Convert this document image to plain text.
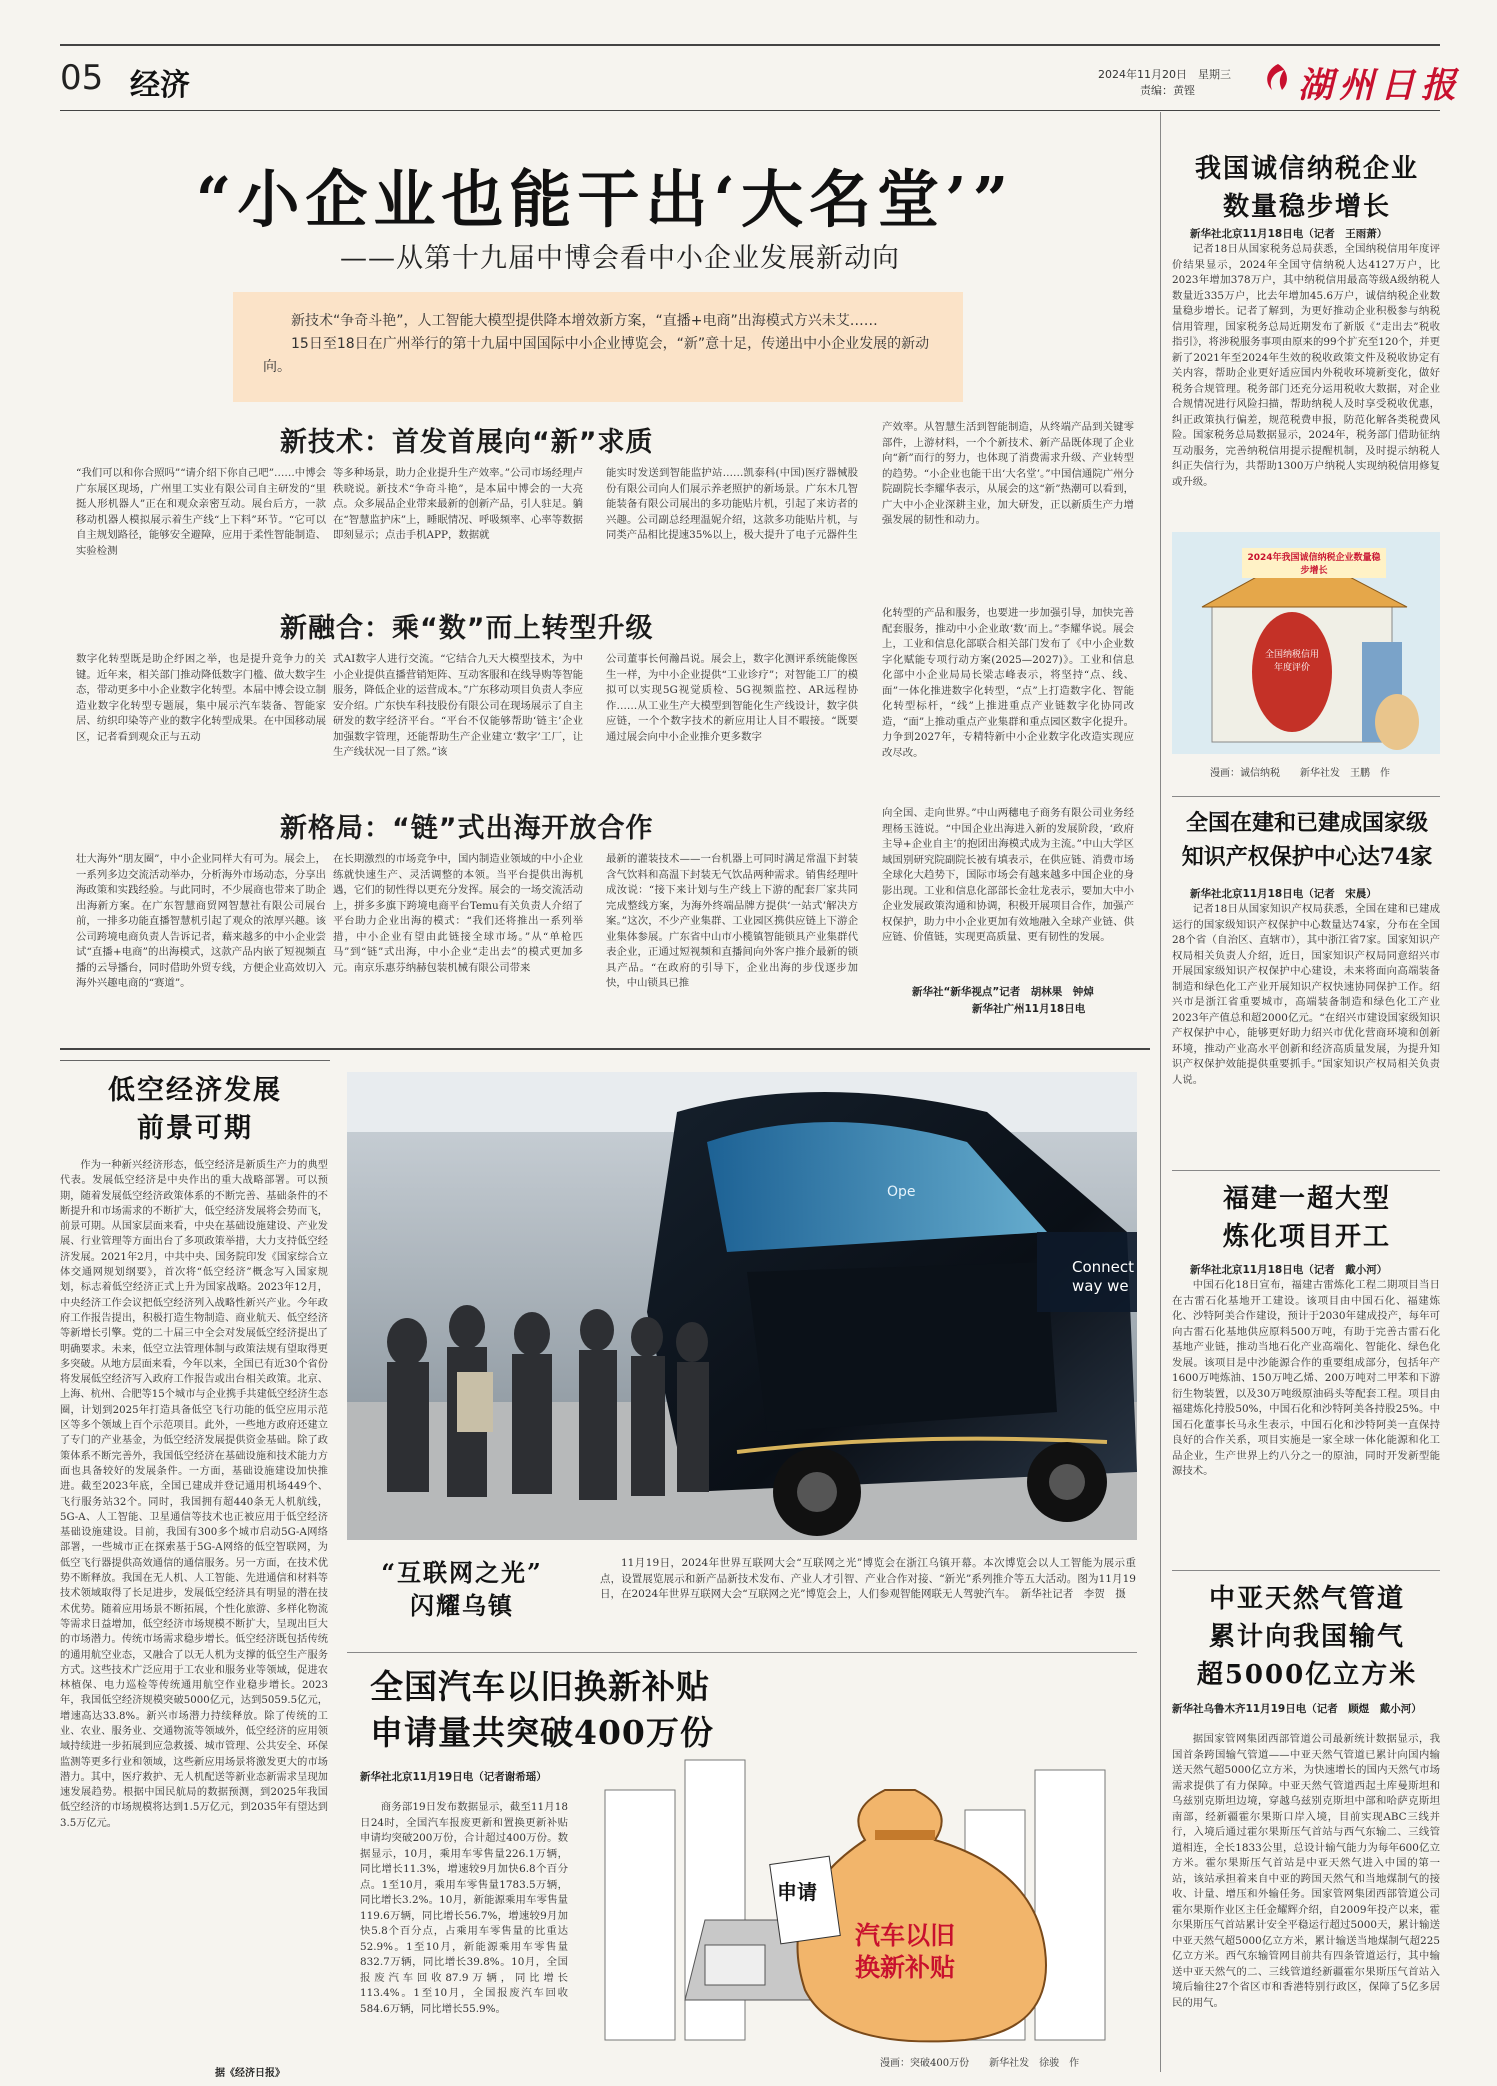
05 经济	2024年11月20日　星期三
责编：黄铿	湖州日报
“小企业也能干出‘大名堂’”
——从第十九届中博会看中小企业发展新动向
新技术“争奇斗艳”，人工智能大模型提供降本增效新方案，“直播+电商”出海模式方兴未艾……
15日至18日在广州举行的第十九届中国国际中小企业博览会，“新”意十足，传递出中小企业发展的新动向。
新技术：首发首展向“新”求质
“我们可以和你合照吗”“请介绍下你自己吧”……中博会广东展区现场，广州里工实业有限公司自主研发的“里挺人形机器人”正在和观众亲密互动。展台后方，一款移动机器人模拟展示着生产线“上下料”环节。“它可以自主规划路径，能够安全避障，应用于柔性智能制造、实验检测
等多种场景，助力企业提升生产效率。”公司市场经理卢秩晓说。新技术“争奇斗艳”，是本届中博会的一大亮点。众多展品企业带来最新的创新产品，引人驻足。躺在“智慧监护床”上，睡眠情况、呼吸频率、心率等数据即刻显示；点击手机APP，数据就
能实时发送到智能监护站……凯泰科(中国)医疗器械股份有限公司向人们展示养老照护的新场景。广东木几智能装备有限公司展出的多功能贴片机，引起了来访者的兴趣。公司副总经理温妮介绍，这款多功能贴片机，与同类产品相比提速35%以上，极大提升了电子元器件生
产效率。从智慧生活到智能制造，从终端产品到关键零部件，上游材料，一个个新技术、新产品既体现了企业向“新”而行的努力，也体现了消费需求升级、产业转型的趋势。“小企业也能干出‘大名堂’。”中国信通院广州分院副院长李耀华表示，从展会的这“新”热潮可以看到，广大中小企业深耕主业，加大研发，正以新质生产力增强发展的韧性和动力。
新融合：乘“数”而上转型升级
数字化转型既是助企纾困之举，也是提升竞争力的关键。近年来，相关部门推动降低数字门槛、做大数字生态，带动更多中小企业数字化转型。本届中博会设立制造业数字化转型专题展，集中展示汽车装备、智能家居、纺织印染等产业的数字化转型成果。在中国移动展区，记者看到观众正与五动
式AI数字人进行交流。“它结合九天大模型技术，为中小企业提供直播营销矩阵、互动客服和在线导购等智能服务，降低企业的运营成本。”广东移动项目负责人李应安介绍。广东快车科技股份有限公司在现场展示了自主研发的数字经济平台。“平台不仅能够帮助‘链主’企业加强数字管理，还能帮助生产企业建立‘数字’工厂，让生产线状况一目了然。”该
公司董事长何瀚昌说。展会上，数字化测评系统能像医生一样，为中小企业提供“工业诊疗”；对智能工厂的模拟可以实现5G视觉质检、5G视频监控、AR远程协作……从工业生产大模型到智能化生产线设计，数字供应链，一个个数字技术的新应用让人目不暇接。“既要通过展会向中小企业推介更多数字
化转型的产品和服务，也要进一步加强引导，加快完善配套服务，推动中小企业敢‘数’而上。”李耀华说。展会上，工业和信息化部联合相关部门发布了《中小企业数字化赋能专项行动方案(2025—2027)》。工业和信息化部中小企业局局长梁志峰表示，将坚持“点、线、面”一体化推进数字化转型，“点”上打造数字化、智能化转型标杆，“线”上推进重点产业链数字化协同改造，“面”上推动重点产业集群和重点园区数字化提升。力争到2027年，专精特新中小企业数字化改造实现应改尽改。
新格局：“链”式出海开放合作
壮大海外“朋友圈”，中小企业同样大有可为。展会上，一系列多边交流活动举办，分析海外市场动态，分享出海政策和实践经验。与此同时，不少展商也带来了助企出海新方案。在广东智慧商贸网智慧社有限公司展台前，一排多功能直播智慧机引起了观众的浓厚兴趣。该公司跨境电商负责人告诉记者，藉来越多的中小企业尝试“直播+电商”的出海模式，这款产品内嵌了短视频直播的云导播台，同时借助外贸专线，方便企业高效切入海外兴趣电商的“赛道”。
在长期激烈的市场竞争中，国内制造业领域的中小企业练就快速生产、灵活调整的本领。当平台提供出海机遇，它们的韧性得以更充分发挥。展会的一场交流活动上，拼多多旗下跨境电商平台Temu有关负责人介绍了平台助力企业出海的模式：“我们还将推出一系列举措，中小企业有望由此链接全球市场。”从“单枪匹马”到“链”式出海，中小企业“走出去”的模式更加多元。南京乐惠芬纳赫包装机械有限公司带来
最新的灌装技术——一台机器上可同时满足常温下封装含气饮料和高温下封装无气饮品两种需求。销售经理叶成汝说：“接下来计划与生产线上下游的配套厂家共同完成整线方案，为海外终端品牌方提供‘一站式’解决方案。”这次，不少产业集群、工业园区携供应链上下游企业集体参展。广东省中山市小榄镇智能锁具产业集群代表企业，正通过短视频和直播间向外客户推介最新的锁具产品。“在政府的引导下，企业出海的步伐逐步加快，中山锁具已推
向全国、走向世界。”中山两穗电子商务有限公司业务经理杨玉涟说。“中国企业出海进入新的发展阶段，‘政府主导+企业自主’的抱团出海模式成为主流。”中山大学区域国别研究院副院长被有填表示，在供应链、消费市场全球化大趋势下，国际市场会有越来越多中国企业的身影出现。工业和信息化部部长金壮龙表示，要加大中小企业发展政策沟通和协调，积极开展项目合作，加强产权保护，助力中小企业更加有效地融入全球产业链、供应链、价值链，实现更高质量、更有韧性的发展。
新华社“新华视点”记者　胡林果　钟焯
新华社广州11月18日电
低空经济发展
前景可期
作为一种新兴经济形态，低空经济是新质生产力的典型代表。发展低空经济是中央作出的重大战略部署。可以预期，随着发展低空经济政策体系的不断完善、基础条件的不断提升和市场需求的不断扩大，低空经济发展将会势而飞，前景可期。从国家层面来看，中央在基础设施建设、产业发展、行业管理等方面出台了多项政策举措，大力支持低空经济发展。2021年2月，中共中央、国务院印发《国家综合立体交通网规划纲要》，首次将“低空经济”概念写入国家规划，标志着低空经济正式上升为国家战略。2023年12月，中央经济工作会议把低空经济列入战略性新兴产业。今年政府工作报告提出，积极打造生物制造、商业航天、低空经济等新增长引擎。党的二十届三中全会对发展低空经济提出了明确要求。未来，低空立法管理体制与政策法规有望取得更多突破。从地方层面来看，今年以来，全国已有近30个省份将发展低空经济写入政府工作报告或出台相关政策。北京、上海、杭州、合肥等15个城市与企业携手共建低空经济生态圈，计划到2025年打造具备低空飞行功能的低空应用示范区等多个领域上百个示范项目。此外，一些地方政府还建立了专门的产业基金，为低空经济发展提供资金基础。除了政策体系不断完善外，我国低空经济在基础设施和技术能力方面也具备较好的发展条件。一方面，基础设施建设加快推进。截至2023年底，全国已建成并登记通用机场449个、飞行服务站32个。同时，我国拥有超440条无人机航线，5G-A、人工智能、卫星通信等技术也正被应用于低空经济基础设施建设。目前，我国有300多个城市启动5G-A网络部署，一些城市正在探索基于5G-A网络的低空智联网，为低空飞行器提供高效通信的通信服务。另一方面，在技术优势不断释放。我国在无人机、人工智能、先进通信和材料等技术领域取得了长足进步，发展低空经济具有明显的潜在技术优势。随着应用场景不断拓展，个性化旅游、多样化物流等需求日益增加，低空经济市场规模不断扩大，呈现出巨大的市场潜力。传统市场需求稳步增长。低空经济既包括传统的通用航空业态，又融合了以无人机为支撑的低空生产服务方式。这些技术广泛应用于工农业和服务业等领域，促进农林植保、电力巡检等传统通用航空作业稳步增长。2023年，我国低空经济规模突破5000亿元，达到5059.5亿元，增速高达33.8%。新兴市场潜力持续释放。除了传统的工业、农业、服务业、交通物流等领域外，低空经济的应用领域持续进一步拓展到应急救援、城市管理、公共安全、环保监测等更多行业和领域，这些新应用场景将激发更大的市场潜力。其中，医疗救护、无人机配送等新业态新需求呈现加速发展趋势。根据中国民航局的数据预测，到2025年我国低空经济的市场规模将达到1.5万亿元，到2035年有望达到3.5万亿元。
据《经济日报》
Connect
way we
Ope
“互联网之光”
闪耀乌镇
11月19日，2024年世界互联网大会“互联网之光”博览会在浙江乌镇开幕。本次博览会以人工智能为展示重点，设置展览展示和新产品新技术发布、产业人才引智、产业合作对接、“新光”系列推介等五大活动。图为11月19日，在2024年世界互联网大会“互联网之光”博览会上，人们参观智能网联无人驾驶汽车。　新华社记者　李贺　摄
全国汽车以旧换新补贴
申请量共突破400万份
新华社北京11月19日电（记者谢希瑶）
商务部19日发布数据显示，截至11月18日24时，全国汽车报废更新和置换更新补贴申请均突破200万份，合计超过400万份。数据显示，10月，乘用车零售量226.1万辆，同比增长11.3%，增速较9月加快6.8个百分点。1至10月，乘用车零售量1783.5万辆，同比增长3.2%。10月，新能源乘用车零售量119.6万辆，同比增长56.7%，增速较9月加快5.8个百分点，占乘用车零售量的比重达52.9%。1至10月，新能源乘用车零售量832.7万辆，同比增长39.8%。10月，全国报废汽车回收87.9万辆，同比增长113.4%。1至10月，全国报废汽车回收584.6万辆，同比增长55.9%。
申请
汽车以旧
换新补贴
漫画：突破400万份　　新华社发　徐骏　作
我国诚信纳税企业
数量稳步增长
新华社北京11月18日电（记者　王雨萧）
记者18日从国家税务总局获悉，全国纳税信用年度评价结果显示，2024年全国守信纳税人达4127万户，比2023年增加378万户，其中纳税信用最高等级A级纳税人数量近335万户，比去年增加45.6万户，诚信纳税企业数量稳步增长。记者了解到，为更好推动企业积极参与纳税信用管理，国家税务总局近期发布了新版《“走出去”税收指引》，将涉税服务事项由原来的99个扩充至120个，并更新了2021年至2024年生效的税收政策文件及税收协定有关内容，帮助企业更好适应国内外税收环境新变化，做好税务合规管理。税务部门还充分运用税收大数据，对企业合规情况进行风险扫描，帮助纳税人及时享受税收优惠，纠正政策执行偏差，规范税费申报，防范化解各类税费风险。国家税务总局数据显示，2024年，税务部门借助征纳互动服务，完善纳税信用提示提醒机制，及时提示纳税人纠正失信行为，共帮助1300万户纳税人实现纳税信用修复或升级。
2024年我国诚信纳税企业数量稳步增长
全国纳税信用年度评价
漫画：诚信纳税　　新华社发　王鹏　作
全国在建和已建成国家级
知识产权保护中心达74家
新华社北京11月18日电（记者　宋晨）
记者18日从国家知识产权局获悉，全国在建和已建成运行的国家级知识产权保护中心数量达74家，分布在全国28个省（自治区、直辖市），其中浙江省7家。国家知识产权局相关负责人介绍，近日，国家知识产权局同意绍兴市开展国家级知识产权保护中心建设，未来将面向高端装备制造和绿色化工产业开展知识产权快速协同保护工作。绍兴市是浙江省重要城市，高端装备制造和绿色化工产业2023年产值总和超2000亿元。“在绍兴市建设国家级知识产权保护中心，能够更好助力绍兴市优化营商环境和创新环境，推动产业高水平创新和经济高质量发展，为提升知识产权保护效能提供重要抓手。”国家知识产权局相关负责人说。
福建一超大型
炼化项目开工
新华社北京11月18日电（记者　戴小河）
中国石化18日宣布，福建古雷炼化工程二期项目当日在古雷石化基地开工建设。该项目由中国石化、福建炼化、沙特阿美合作建设，预计于2030年建成投产，每年可向古雷石化基地供应原料500万吨，有助于完善古雷石化基地产业链，推动当地石化产业高端化、智能化、绿色化发展。该项目是中沙能源合作的重要组成部分，包括年产1600万吨炼油、150万吨乙烯、200万吨对二甲苯和下游衍生物装置，以及30万吨级原油码头等配套工程。项目由福建炼化持股50%，中国石化和沙特阿美各持股25%。中国石化董事长马永生表示，中国石化和沙特阿美一直保持良好的合作关系，项目实施是一家全球一体化能源和化工品企业，生产世界上约八分之一的原油，同时开发新型能源技术。
中亚天然气管道
累计向我国输气
超5000亿立方米
新华社乌鲁木齐11月19日电（记者　顾煜　戴小河）
据国家管网集团西部管道公司最新统计数据显示，我国首条跨国输气管道——中亚天然气管道已累计向国内输送天然气超5000亿立方米，为快速增长的国内天然气市场需求提供了有力保障。中亚天然气管道西起土库曼斯坦和乌兹别克斯坦边境，穿越乌兹别克斯坦中部和哈萨克斯坦南部，经新疆霍尔果斯口岸入境，目前实现ABC三线并行，入境后通过霍尔果斯压气首站与西气东输二、三线管道相连，全长1833公里，总设计输气能力为每年600亿立方米。霍尔果斯压气首站是中亚天然气进入中国的第一站，该站承担着来自中亚的跨国天然气和当地煤制气的接收、计量、增压和外输任务。国家管网集团西部管道公司霍尔果斯作业区主任金耀辉介绍，自2009年投产以来，霍尔果斯压气首站累计安全平稳运行超过5000天，累计输送中亚天然气超5000亿立方米，累计输送当地煤制气超225亿立方米。西气东输管网目前共有四条管道运行，其中输送中亚天然气的二、三线管道经新疆霍尔果斯压气首站入境后输往27个省区市和香港特别行政区，保障了5亿多居民的用气。
